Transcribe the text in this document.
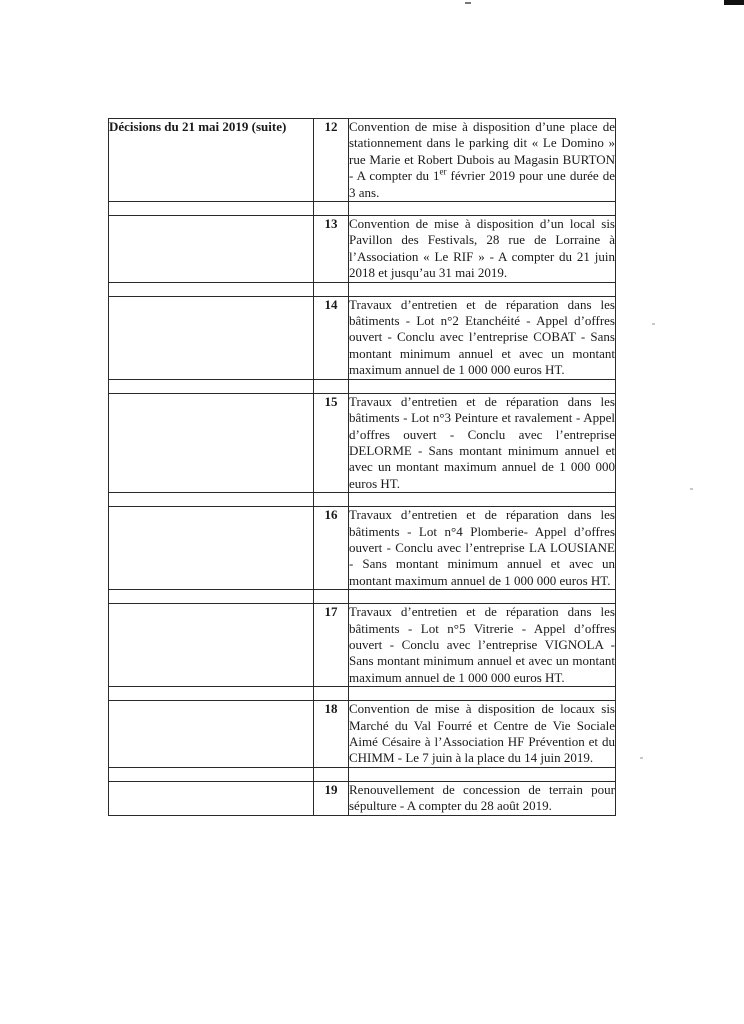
Décisions du 21 mai 2019 (suite)	12	Convention de mise à disposition d’une place de stationnement dans le parking dit « Le Domino » rue Marie et Robert Dubois au Magasin BURTON - A compter du 1er février 2019 pour une durée de 3 ans.

	13	Convention de mise à disposition d’un local sis Pavillon des Festivals, 28 rue de Lorraine à l’Association « Le RIF » - A compter du 21 juin 2018 et jusqu’au 31 mai 2019.

	14	Travaux d’entretien et de réparation dans les bâtiments - Lot n°2 Etanchéité - Appel d’offres ouvert - Conclu avec l’entreprise COBAT - Sans montant minimum annuel et avec un montant maximum annuel de 1 000 000 euros HT.

	15	Travaux d’entretien et de réparation dans les bâtiments - Lot n°3 Peinture et ravalement - Appel d’offres ouvert - Conclu avec l’entreprise DELORME - Sans montant minimum annuel et avec un montant maximum annuel de 1 000 000 euros HT.

	16	Travaux d’entretien et de réparation dans les bâtiments - Lot n°4 Plomberie- Appel d’offres ouvert - Conclu avec l’entreprise LA LOUSIANE - Sans montant minimum annuel et avec un montant maximum annuel de 1 000 000 euros HT.

	17	Travaux d’entretien et de réparation dans les bâtiments - Lot n°5 Vitrerie - Appel d’offres ouvert - Conclu avec l’entreprise VIGNOLA - Sans montant minimum annuel et avec un montant maximum annuel de 1 000 000 euros HT.

	18	Convention de mise à disposition de locaux sis Marché du Val Fourré et Centre de Vie Sociale Aimé Césaire à l’Association HF Prévention et du CHIMM - Le 7 juin à la place du 14 juin 2019.

	19	Renouvellement de concession de terrain pour sépulture - A compter du 28 août 2019.
